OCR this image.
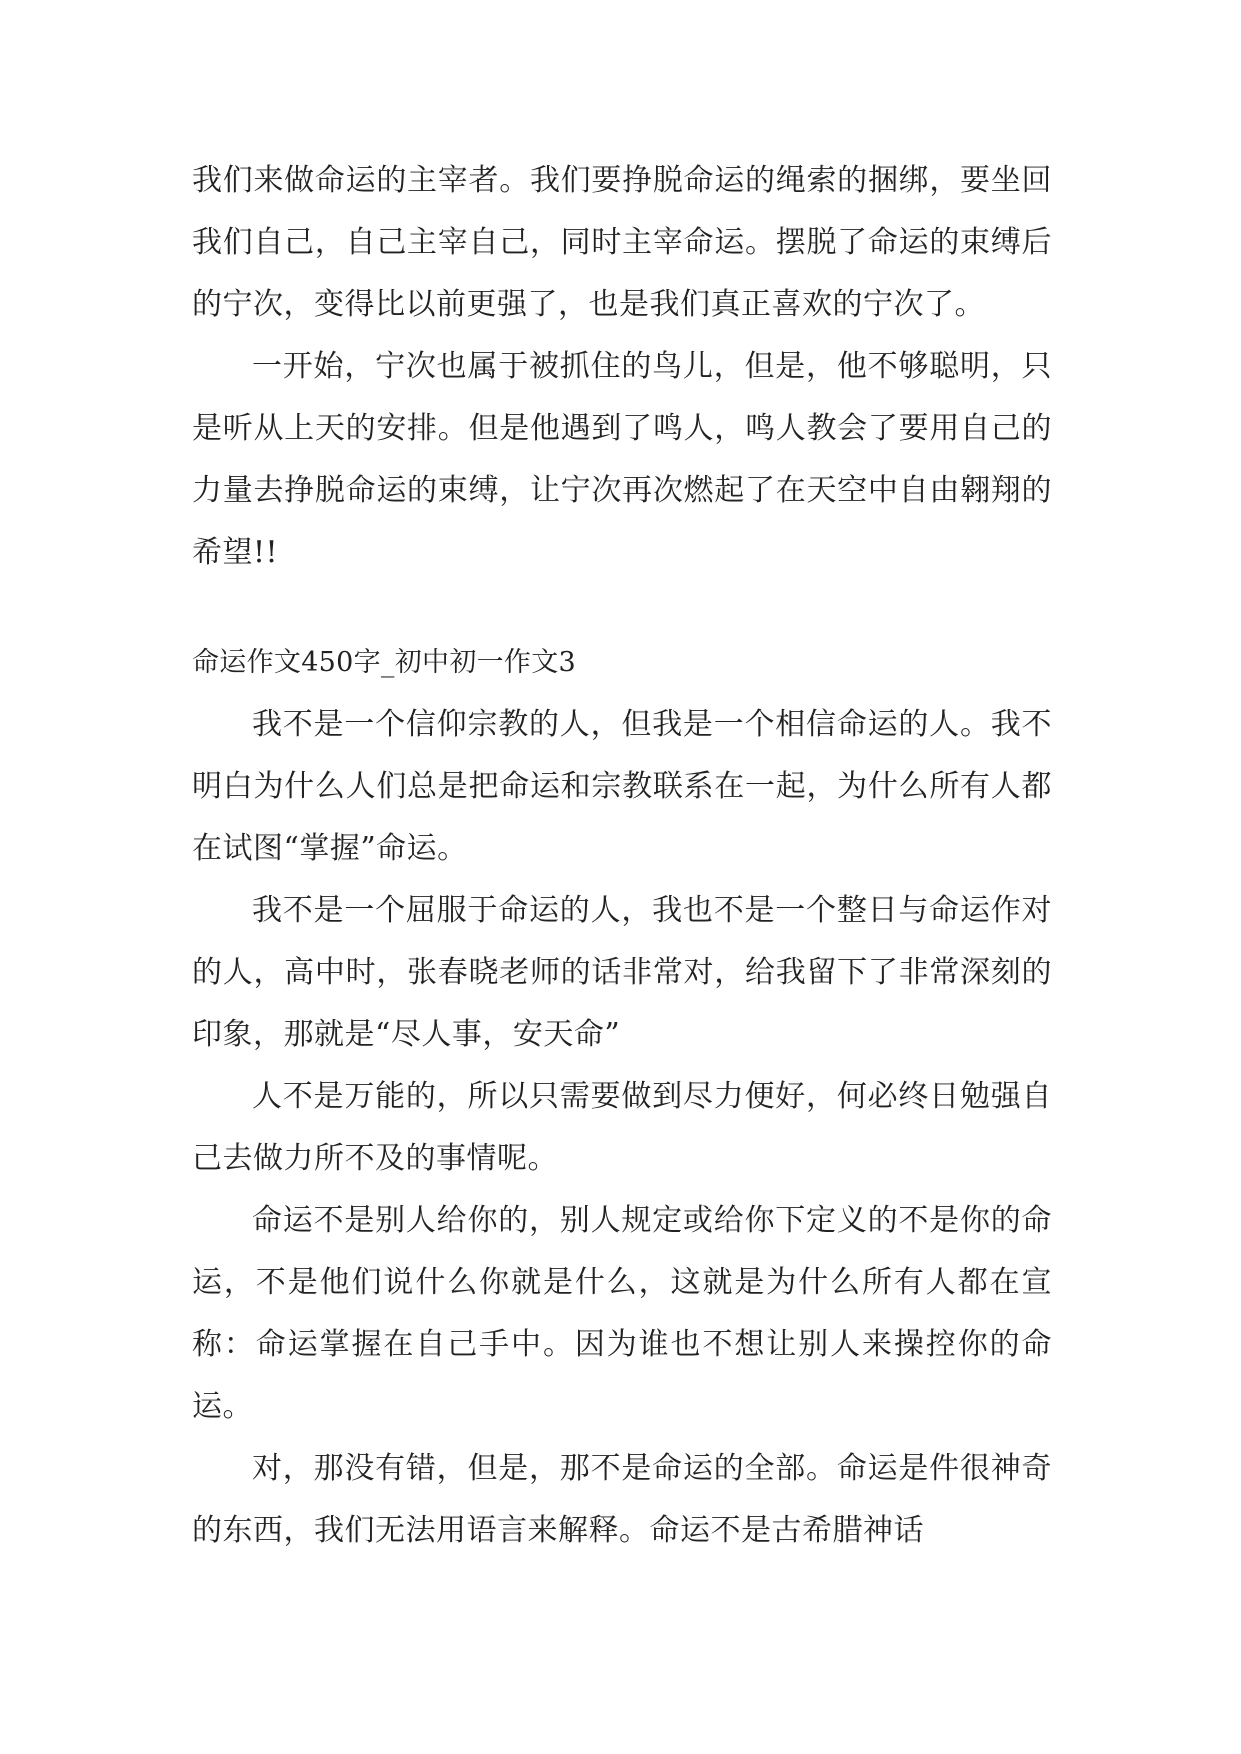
我们来做命运的主宰者。我们要挣脱命运的绳索的捆绑，要坐回我们自己，自己主宰自己，同时主宰命运。摆脱了命运的束缚后的宁次，变得比以前更强了，也是我们真正喜欢的宁次了。

一开始，宁次也属于被抓住的鸟儿，但是，他不够聪明，只是听从上天的安排。但是他遇到了鸣人，鸣人教会了要用自己的力量去挣脱命运的束缚，让宁次再次燃起了在天空中自由翱翔的希望!!

命运作文450字_初中初一作文3

我不是一个信仰宗教的人，但我是一个相信命运的人。我不明白为什么人们总是把命运和宗教联系在一起，为什么所有人都在试图“掌握”命运。

我不是一个屈服于命运的人，我也不是一个整日与命运作对的人，高中时，张春晓老师的话非常对，给我留下了非常深刻的印象，那就是“尽人事，安天命”

人不是万能的，所以只需要做到尽力便好，何必终日勉强自己去做力所不及的事情呢。

命运不是别人给你的，别人规定或给你下定义的不是你的命运，不是他们说什么你就是什么，这就是为什么所有人都在宣称：命运掌握在自己手中。因为谁也不想让别人来操控你的命运。

对，那没有错，但是，那不是命运的全部。命运是件很神奇的东西，我们无法用语言来解释。命运不是古希腊神话
